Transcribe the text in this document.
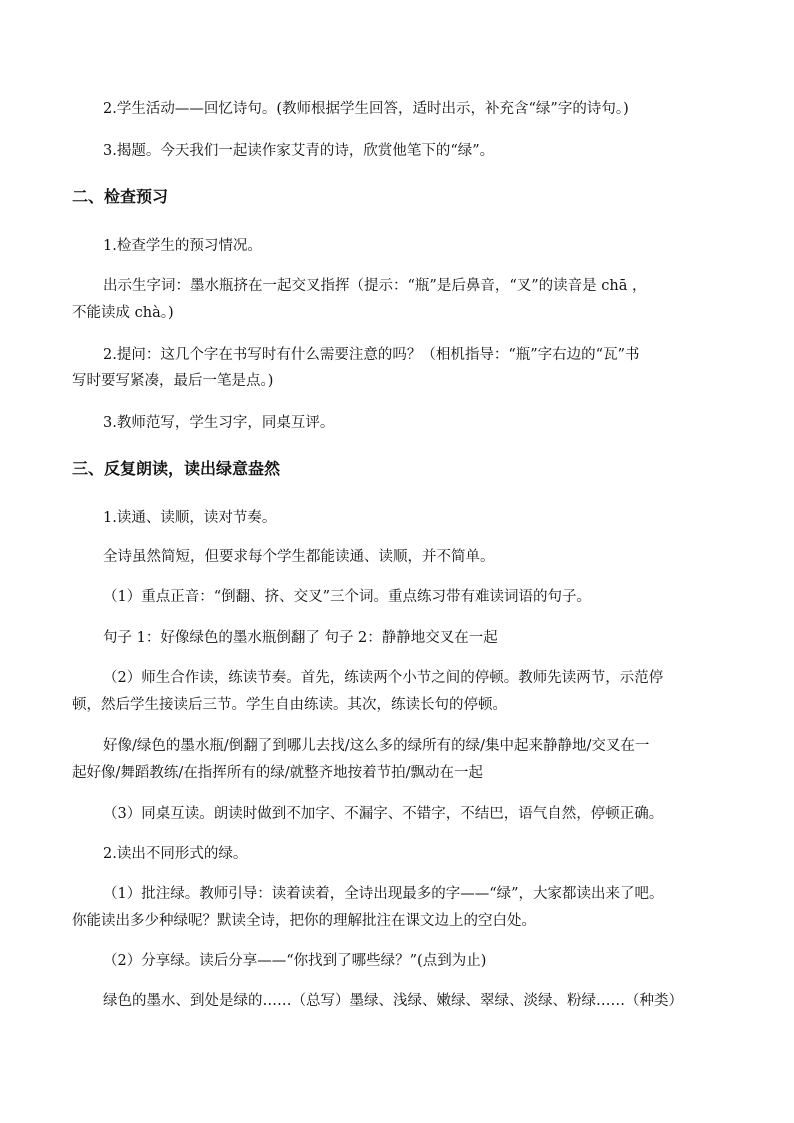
2.学生活动——回忆诗句。(教师根据学生回答，适时出示，补充含“绿”字的诗句。)
3.揭题。今天我们一起读作家艾青的诗，欣赏他笔下的“绿”。
二、检查预习
1.检查学生的预习情况。
出示生字词：墨水瓶挤在一起交叉指挥（提示：“瓶”是后鼻音，“叉”的读音是 chā ，
不能读成 chà。)
2.提问：这几个字在书写时有什么需要注意的吗？（相机指导：“瓶”字右边的“瓦”书
写时要写紧凑，最后一笔是点。)
3.教师范写，学生习字，同桌互评。
三、反复朗读，读出绿意盎然
1.读通、读顺，读对节奏。
全诗虽然简短，但要求每个学生都能读通、读顺，并不简单。
（1）重点正音：“倒翻、挤、交叉”三个词。重点练习带有难读词语的句子。
句子 1：好像绿色的墨水瓶倒翻了 句子 2：静静地交叉在一起
（2）师生合作读，练读节奏。首先，练读两个小节之间的停顿。教师先读两节，示范停
顿，然后学生接读后三节。学生自由练读。其次，练读长句的停顿。
好像/绿色的墨水瓶/倒翻了到哪儿去找/这么多的绿所有的绿/集中起来静静地/交叉在一
起好像/舞蹈教练/在指挥所有的绿/就整齐地按着节拍/飘动在一起
（3）同桌互读。朗读时做到不加字、不漏字、不错字，不结巴，语气自然，停顿正确。
2.读出不同形式的绿。
（1）批注绿。教师引导：读着读着，全诗出现最多的字——“绿”，大家都读出来了吧。
你能读出多少种绿呢？默读全诗，把你的理解批注在课文边上的空白处。
（2）分享绿。读后分享——“你找到了哪些绿？”(点到为止)
绿色的墨水、到处是绿的……（总写）墨绿、浅绿、嫩绿、翠绿、淡绿、粉绿……（种类）
